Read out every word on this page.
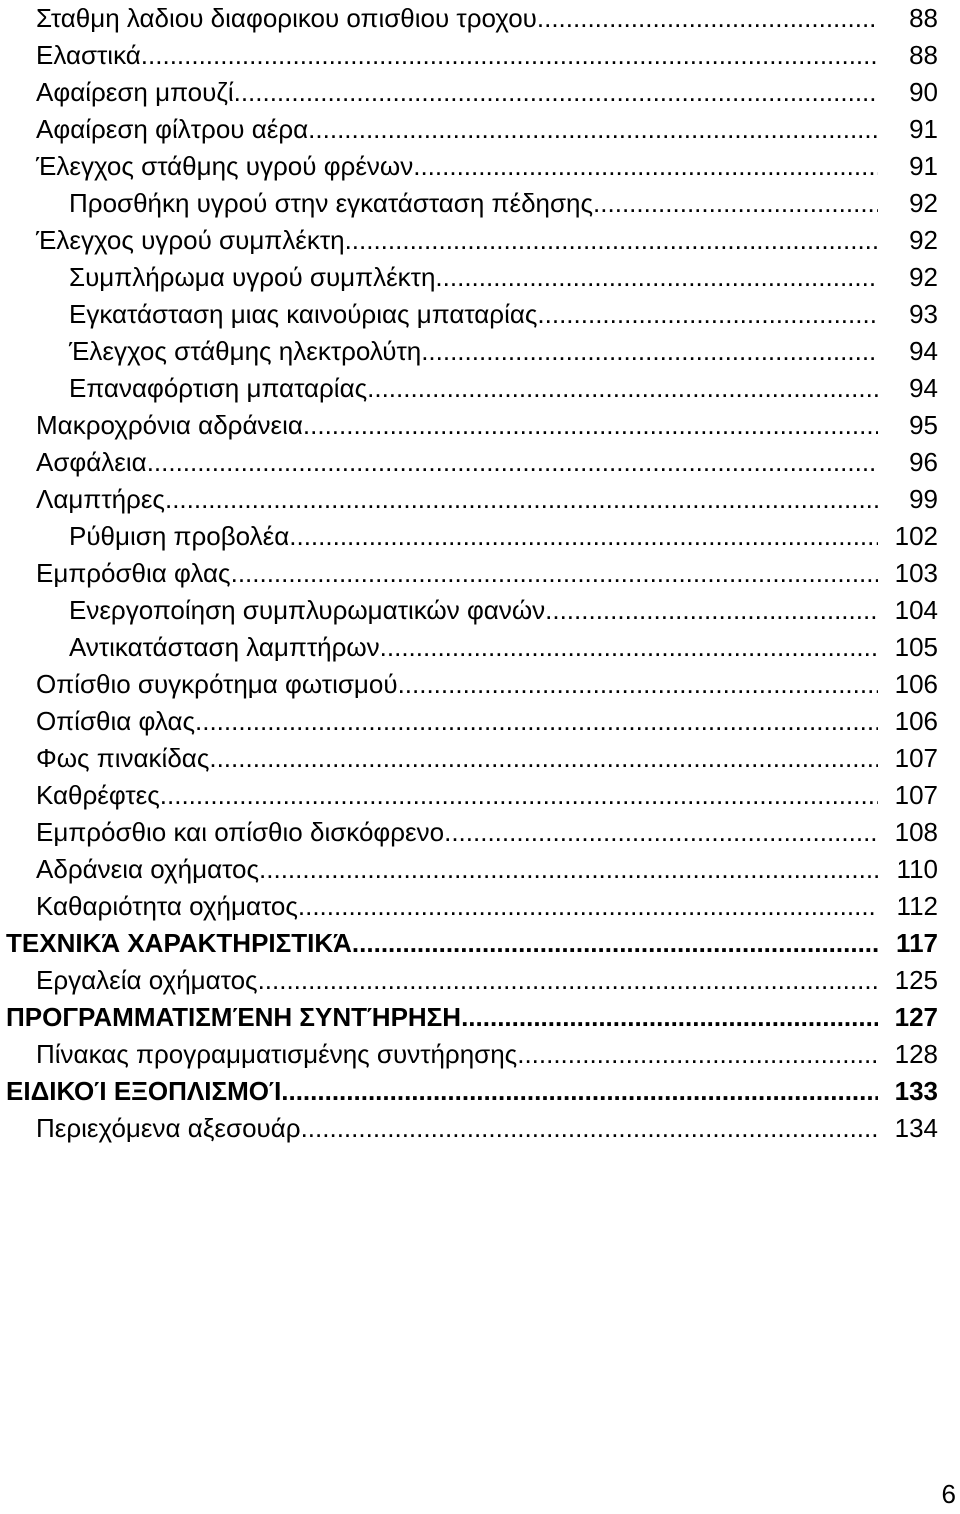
Σταθμη λαδιου διαφορικου οπισθιου τροχου .....	88
Ελαστικά .....	88
Αφαίρεση μπουζί .....	90
Αφαίρεση φίλτρου αέρα .....	91
Έλεγχος στάθμης υγρού φρένων .....	91
Προσθήκη υγρού στην εγκατάσταση πέδησης .....	92
Έλεγχος υγρού συμπλέκτη .....	92
Συμπλήρωμα υγρού συμπλέκτη .....	92
Εγκατάσταση μιας καινούριας μπαταρίας .....	93
Έλεγχος στάθμης ηλεκτρολύτη .....	94
Επαναφόρτιση μπαταρίας .....	94
Μακροχρόνια αδράνεια .....	95
Ασφάλεια .....	96
Λαμπτήρες .....	99
Ρύθμιση προβολέα .....	102
Εμπρόσθια φλας .....	103
Ενεργοποίηση συμπλυρωματικών φανών .....	104
Αντικατάσταση λαμπτήρων .....	105
Οπίσθιο συγκρότημα φωτισμού .....	106
Οπίσθια φλας .....	106
Φως πινακίδας .....	107
Καθρέφτες .....	107
Εμπρόσθιο και οπίσθιο δισκόφρενο .....	108
Αδράνεια οχήματος .....	110
Καθαριότητα οχήματος .....	112
ΤΕΧΝΙΚΆ ΧΑΡΑΚΤΗΡΙΣΤΙΚΆ .....	117
Εργαλεία οχήματος .....	125
ΠΡΟΓΡΑΜΜΑΤΙΣΜΈΝΗ ΣΥΝΤΉΡΗΣΗ .....	127
Πίνακας προγραμματισμένης συντήρησης .....	128
ΕΙΔΙΚΟΊ ΕΞΟΠΛΙΣΜΟΊ .....	133
Περιεχόμενα αξεσουάρ .....	134
6
